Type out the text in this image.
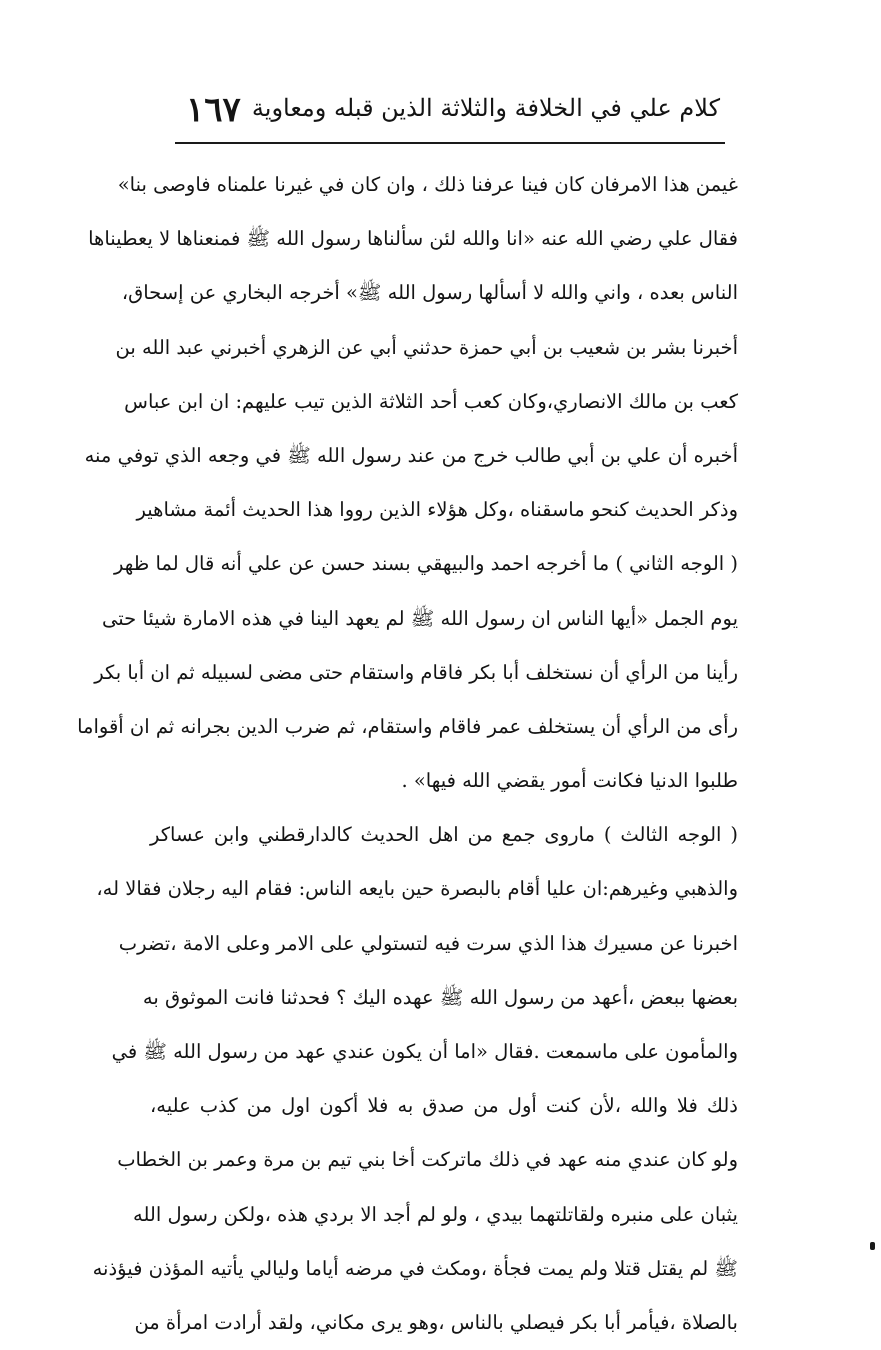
١٦٧ كلام علي في الخلافة والثلاثة الذين قبله ومعاوية
غيمن هذا الامرفان كان فينا عرفنا ذلك ، وان كان في غيرنا علمناه فاوصى بنا»
فقال علي رضي الله عنه «انا والله لئن سألناها رسول الله ﷺ فمنعناها لا يعطيناها
الناس بعده ، واني والله لا أسألها رسول الله ﷺ» أخرجه البخاري عن إسحاق،
أخبرنا بشر بن شعيب بن أبي حمزة حدثني أبي عن الزهري أخبرني عبد الله بن
كعب بن مالك الانصاري،وكان كعب أحد الثلاثة الذين تيب عليهم: ان ابن عباس
أخبره أن علي بن أبي طالب خرج من عند رسول الله ﷺ في وجعه الذي توفي منه
وذكر الحديث كنحو ماسقناه ،وكل هؤلاء الذين رووا هذا الحديث أئمة مشاهير
( الوجه الثاني ) ما أخرجه احمد والبيهقي بسند حسن عن علي أنه قال لما ظهر
يوم الجمل «أيها الناس ان رسول الله ﷺ لم يعهد الينا في هذه الامارة شيئا حتى
رأينا من الرأي أن نستخلف أبا بكر فاقام واستقام حتى مضى لسبيله ثم ان أبا بكر
رأى من الرأي أن يستخلف عمر فاقام واستقام، ثم ضرب الدين بجرانه ثم ان أقواما
طلبوا الدنيا فكانت أمور يقضي الله فيها» .
( الوجه الثالث ) ماروى جمع من اهل الحديث كالدارقطني وابن عساكر
والذهبي وغيرهم:ان عليا أقام بالبصرة حين بايعه الناس: فقام اليه رجلان فقالا له،
اخبرنا عن مسيرك هذا الذي سرت فيه لتستولي على الامر وعلى الامة ،تضرب
بعضها ببعض ،أعهد من رسول الله ﷺ عهده اليك ؟ فحدثنا فانت الموثوق به
والمأمون على ماسمعت .فقال «اما أن يكون عندي عهد من رسول الله ﷺ في
ذلك فلا والله ،لأن كنت أول من صدق به فلا أكون اول من كذب عليه،
ولو كان عندي منه عهد في ذلك ماتركت أخا بني تيم بن مرة وعمر بن الخطاب
يثبان على منبره ولقاتلتهما بيدي ، ولو لم أجد الا بردي هذه ،ولكن رسول الله
ﷺ لم يقتل قتلا ولم يمت فجأة ،ومكث في مرضه أياما وليالي يأتيه المؤذن فيؤذنه
بالصلاة ،فيأمر أبا بكر فيصلي بالناس ،وهو يرى مكاني، ولقد أرادت امرأة من
